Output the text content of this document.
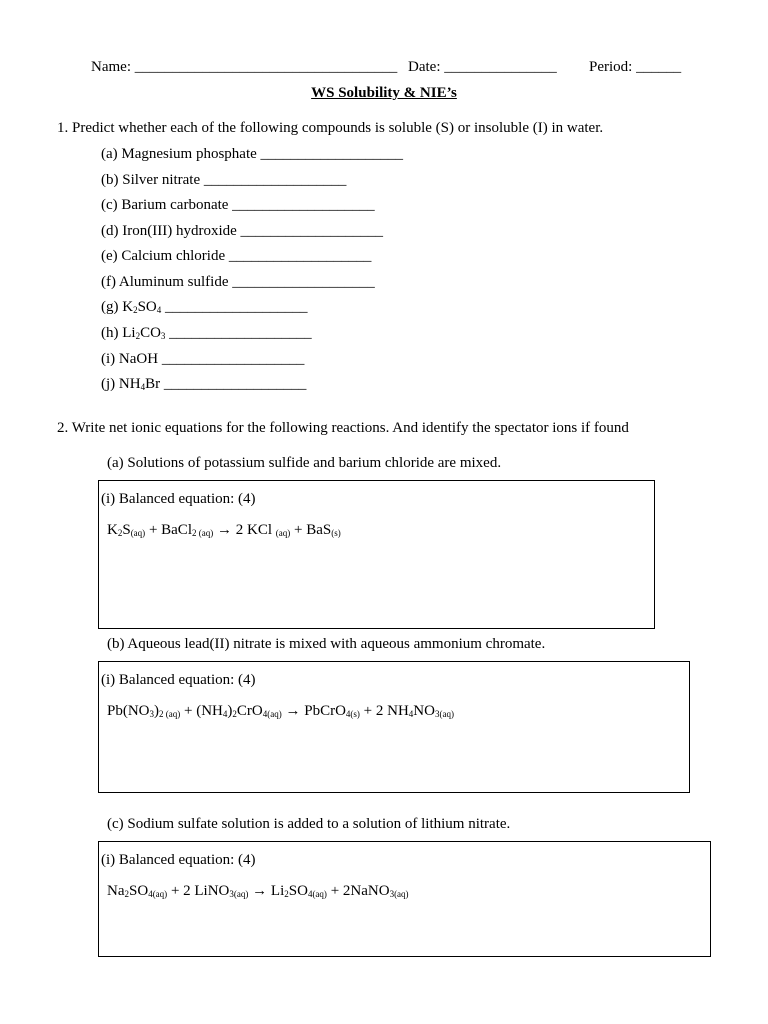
Name: ___________________________________ Date: _______________ Period: ______
WS Solubility & NIE’s
1. Predict whether each of the following compounds is soluble (S) or insoluble (I) in water.
(a) Magnesium phosphate ___________________
(b) Silver nitrate ___________________
(c) Barium carbonate ___________________
(d) Iron(III) hydroxide ___________________
(e) Calcium chloride ___________________
(f) Aluminum sulfide ___________________
(g) $K_2SO_4$ ___________________
(h) $Li_2CO_3$ ___________________
(i) NaOH ___________________
(j) $NH_4Br$ ___________________
2. Write net ionic equations for the following reactions. And identify the spectator ions if found
(a) Solutions of potassium sulfide and barium chloride are mixed.
(i) Balanced equation: (4)
$K_2S_{(aq)}$ + BaCl$_{2 (aq)}$ → 2 KCl $_{(aq)}$ + BaS$_{(s)}$
(b) Aqueous lead(II) nitrate is mixed with aqueous ammonium chromate.
(i) Balanced equation: (4)
$Pb(NO_3)_{2 (aq)} + (NH_4)_2CrO_{4(aq)}$ → PbCrO$_{4(s)}$ + 2 $NH_4NO_{3(aq)}$
(c) Sodium sulfate solution is added to a solution of lithium nitrate.
(i) Balanced equation: (4)
$Na_2SO_{4(aq)} + 2$ LiNO$_{3(aq)}$ → $Li_2SO_{4(aq)}$ + 2NaNO$_{3(aq)}$
